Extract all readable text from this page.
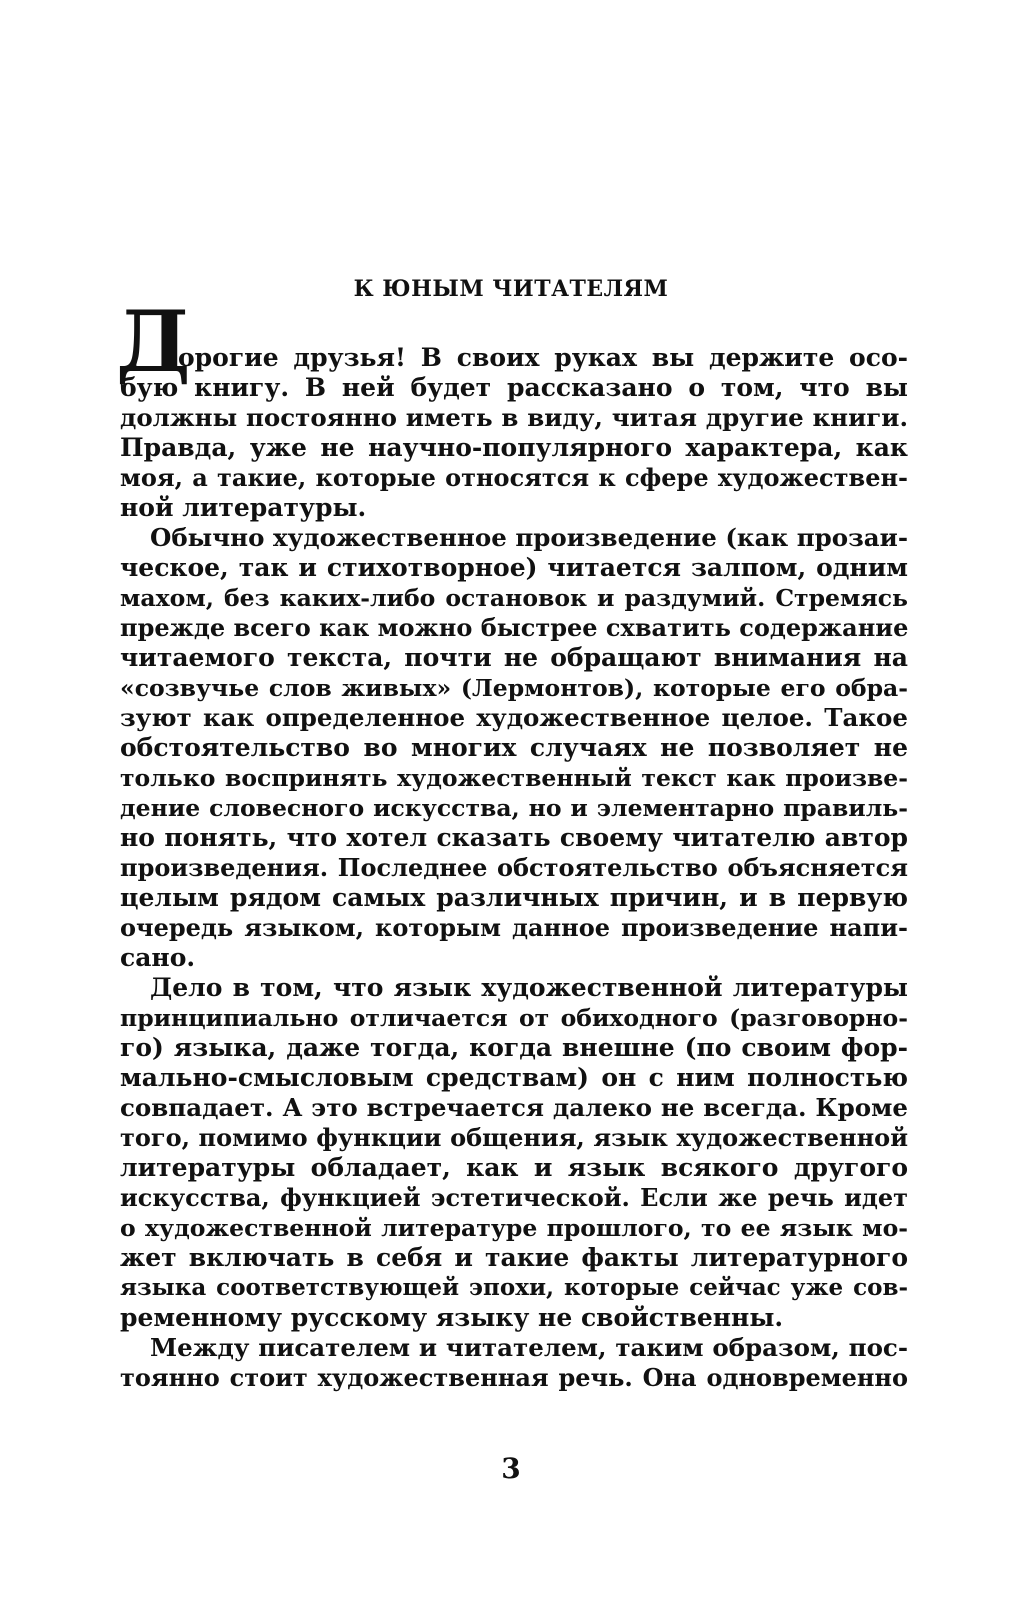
К ЮНЫМ ЧИТАТЕЛЯМ
Д
орогие друзья! В своих руках вы держите осо-
бую книгу. В ней будет рассказано о том, что вы
должны постоянно иметь в виду, читая другие книги.
Правда, уже не научно-популярного характера, как
моя, а такие, которые относятся к сфере художествен-
ной литературы.
Обычно художественное произведение (как прозаи-
ческое, так и стихотворное) читается залпом, одним
махом, без каких-либо остановок и раздумий. Стремясь
прежде всего как можно быстрее схватить содержание
читаемого текста, почти не обращают внимания на
«созвучье слов живых» (Лермонтов), которые его обра-
зуют как определенное художественное целое. Такое
обстоятельство во многих случаях не позволяет не
только воспринять художественный текст как произве-
дение словесного искусства, но и элементарно правиль-
но понять, что хотел сказать своему читателю автор
произведения. Последнее обстоятельство объясняется
целым рядом самых различных причин, и в первую
очередь языком, которым данное произведение напи-
сано.
Дело в том, что язык художественной литературы
принципиально отличается от обиходного (разговорно-
го) языка, даже тогда, когда внешне (по своим фор-
мально-смысловым средствам) он с ним полностью
совпадает. А это встречается далеко не всегда. Кроме
того, помимо функции общения, язык художественной
литературы обладает, как и язык всякого другого
искусства, функцией эстетической. Если же речь идет
о художественной литературе прошлого, то ее язык мо-
жет включать в себя и такие факты литературного
языка соответствующей эпохи, которые сейчас уже сов-
ременному русскому языку не свойственны.
Между писателем и читателем, таким образом, пос-
тоянно стоит художественная речь. Она одновременно
3
